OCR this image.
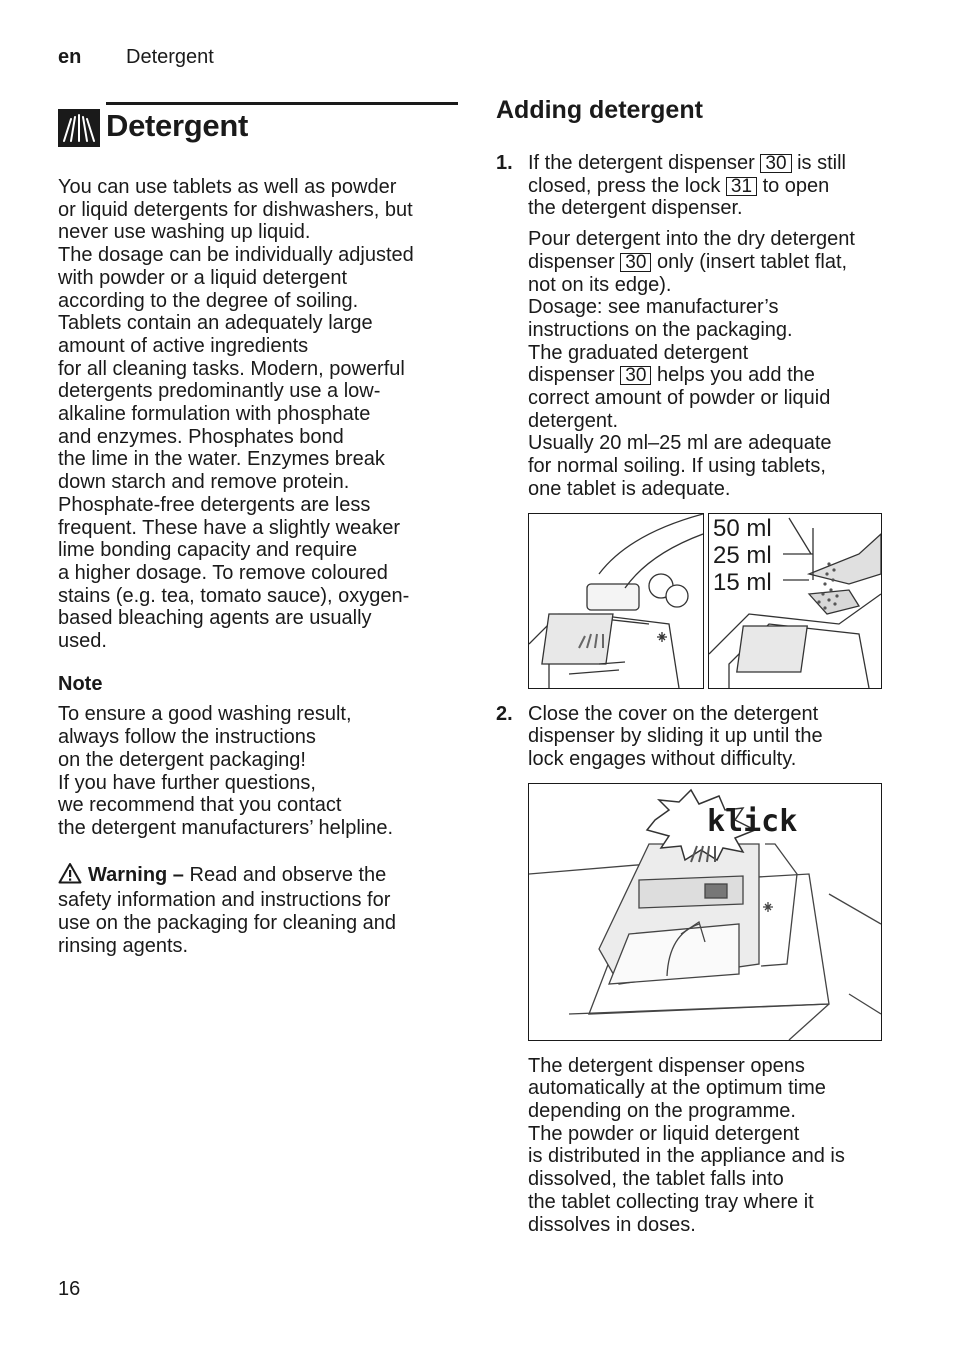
en Detergent
Detergent

You can use tablets as well as powder

or liquid detergents for dishwashers, but

never use washing up liquid.

The dosage can be individually adjusted

with powder or a liquid detergent

according to the degree of soiling.

Tablets contain an adequately large

amount of active ingredients

for all cleaning tasks. Modern, powerful

detergents predominantly use a low-

alkaline formulation with phosphate

and enzymes. Phosphates bond

the lime in the water. Enzymes break

down starch and remove protein.

Phosphate-free detergents are less

frequent. These have a slightly weaker

lime bonding capacity and require

a higher dosage. To remove coloured

stains (e.g. tea, tomato sauce), oxygen-

based bleaching agents are usually

used.

Note

To ensure a good washing result,

always follow the instructions

on the detergent packaging!

If you have further questions,

we recommend that you contact

the detergent manufacturers’ helpline.

Warning – Read and observe the

safety information and instructions for

use on the packaging for cleaning and

rinsing agents.

Adding detergent
1. If the detergent dispenser 30 is still

closed, press the lock 31 to open

the detergent dispenser.

Pour detergent into the dry detergent

dispenser 30 only (insert tablet flat,

not on its edge).

Dosage: see manufacturer’s

instructions on the packaging.

The graduated detergent

dispenser 30 helps you add the

correct amount of powder or liquid

detergent.

Usually 20 ml–25 ml are adequate

for normal soiling. If using tablets,

one tablet is adequate.

50 ml
25 ml
15 ml
2. Close the cover on the detergent

dispenser by sliding it up until the

lock engages without difficulty.

klick

The detergent dispenser opens

automatically at the optimum time

depending on the programme.

The powder or liquid detergent

is distributed in the appliance and is

dissolved, the tablet falls into

the tablet collecting tray where it

dissolves in doses.

16
